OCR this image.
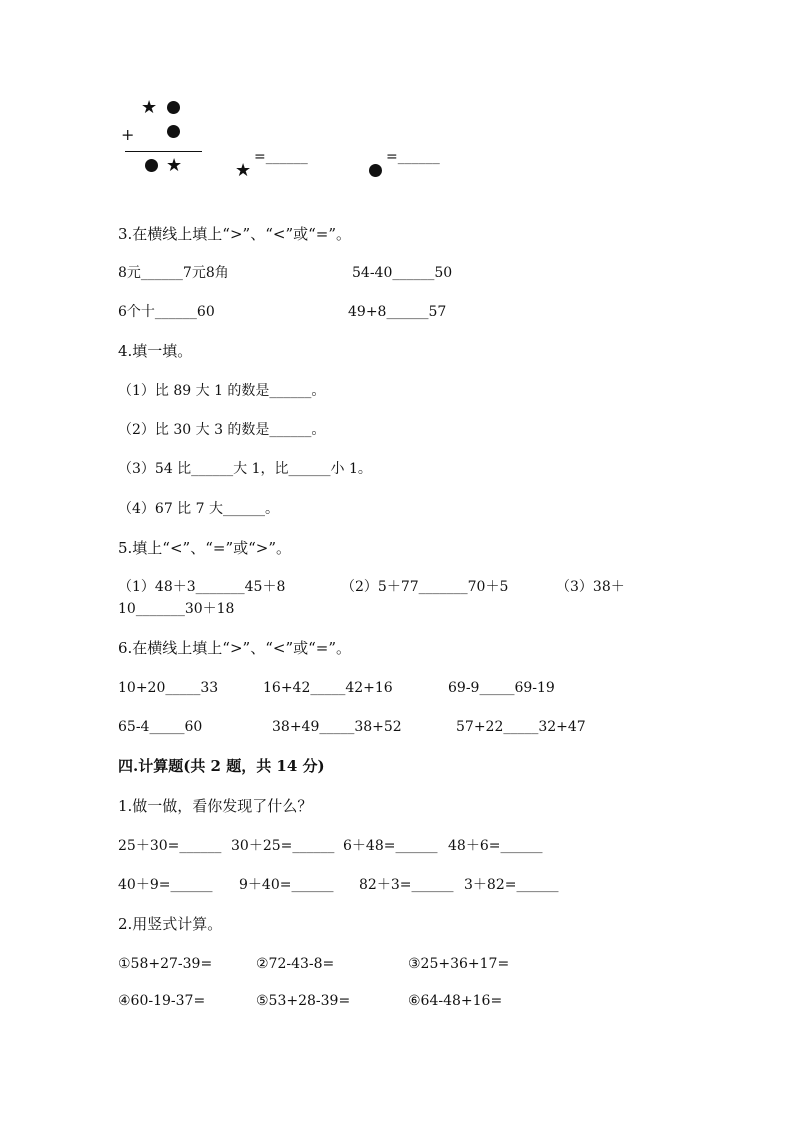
★
+
★	★
=______	=______
3.在横线上填上“>”、“<”或“=”。
8元______7元8角	54-40______50
6个十______60	49+8______57
4.填一填。
（1）比 89 大 1 的数是______。
（2）比 30 大 3 的数是______。
（3）54 比______大 1，比______小 1。
（4）67 比 7 大______。
5.填上“<”、“=”或“>”。
（1）48＋3_______45＋8	（2）5＋77_______70＋5	（3）38＋
10_______30＋18
6.在横线上填上“>”、“<”或“=”。
10+20_____33	16+42_____42+16	69-9_____69-19
65-4_____60	38+49_____38+52	57+22_____32+47
四.计算题(共 2 题，共 14 分)
1.做一做，看你发现了什么？
25＋30=______ 30＋25=______ 6＋48=______ 48＋6=______
40＋9=______ 9＋40=______ 82＋3=______ 3＋82=______
2.用竖式计算。
①58+27-39=	②72-43-8=	③25+36+17=
④60-19-37=	⑤53+28-39=	⑥64-48+16=
